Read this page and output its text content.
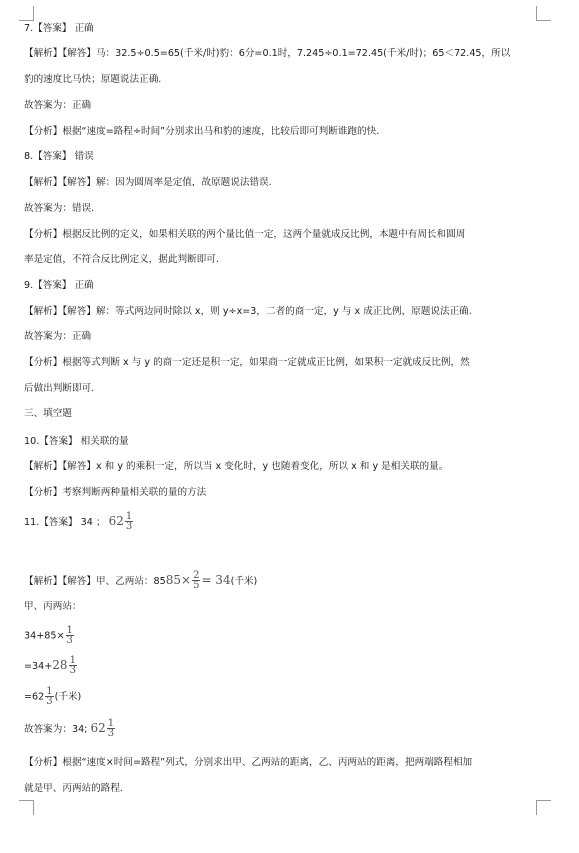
7.【答案】 正确
【解析】【解答】马：32.5÷0.5=65(千米/时)豹：6分=0.1时，7.245÷0.1=72.45(千米/时)；65＜72.45，所以
豹的速度比马快；原题说法正确.
故答案为：正确
【分析】根据“速度=路程÷时间”分别求出马和豹的速度，比较后即可判断谁跑的快.
8.【答案】 错误
【解析】【解答】解：因为圆周率是定值，故原题说法错误.
故答案为：错误.
【分析】根据反比例的定义，如果相关联的两个量比值一定，这两个量就成反比例，本题中有周长和圆周
率是定值，不符合反比例定义，据此判断即可.
9.【答案】 正确
【解析】【解答】解：等式两边同时除以 x，则 y÷x=3，二者的商一定，y 与 x 成正比例，原题说法正确.
故答案为：正确
【分析】根据等式判断 x 与 y 的商一定还是积一定，如果商一定就成正比例，如果积一定就成反比例，然
后做出判断即可.
三、填空题
10.【答案】 相关联的量
【解析】【解答】x 和 y 的乘积一定，所以当 x 变化时，y 也随着变化，所以 x 和 y 是相关联的量。
【分析】考察判断两种量相关联的量的方法
11.【答案】 34 ； $62 \frac{1}{3}$
【解析】【解答】甲、乙两站：$8585\times \frac{2}{5} = 34$(千米)
甲、丙两站：
$34+85\times \frac{1}{3}$
$=34+28 \frac{1}{3}$
$=62 \frac{1}{3}$ (千米)
故答案为：34; $62 \frac{1}{3}$
【分析】根据“速度×时间=路程”列式，分别求出甲、乙两站的距离，乙、丙两站的距离，把两端路程相加
就是甲、丙两站的路程.
